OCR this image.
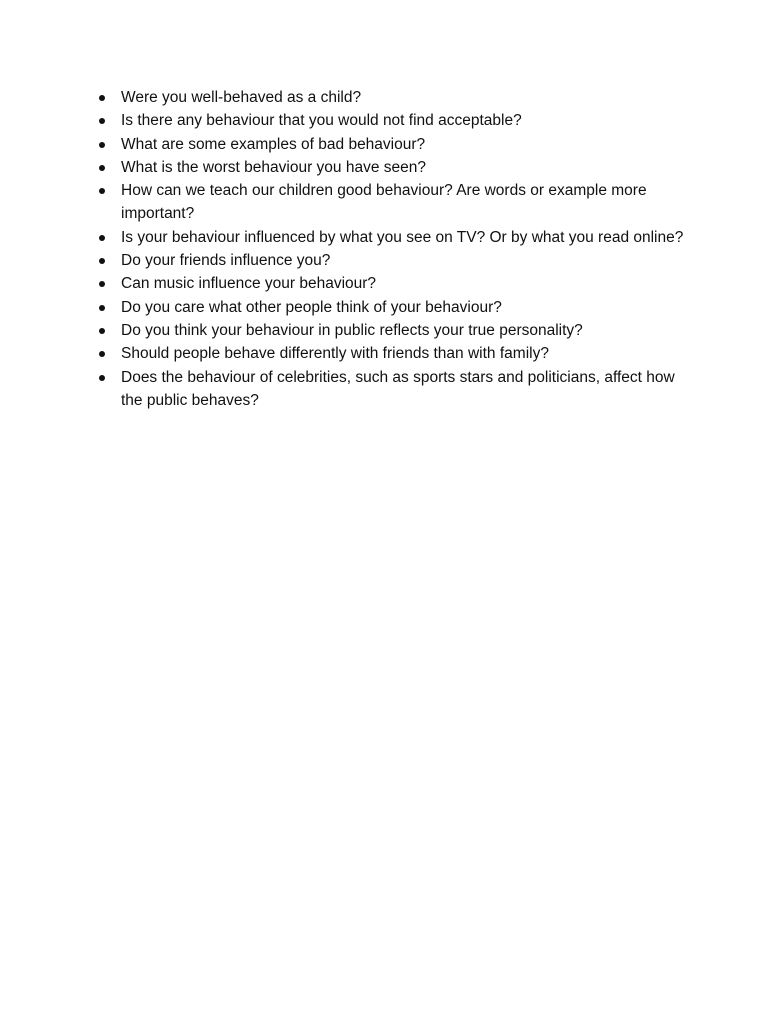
Were you well-behaved as a child?
Is there any behaviour that you would not find acceptable?
What are some examples of bad behaviour?
What is the worst behaviour you have seen?
How can we teach our children good behaviour? Are words or example more important?
Is your behaviour influenced by what you see on TV? Or by what you read online?
Do your friends influence you?
Can music influence your behaviour?
Do you care what other people think of your behaviour?
Do you think your behaviour in public reflects your true personality?
Should people behave differently with friends than with family?
Does the behaviour of celebrities, such as sports stars and politicians, affect how the public behaves?
